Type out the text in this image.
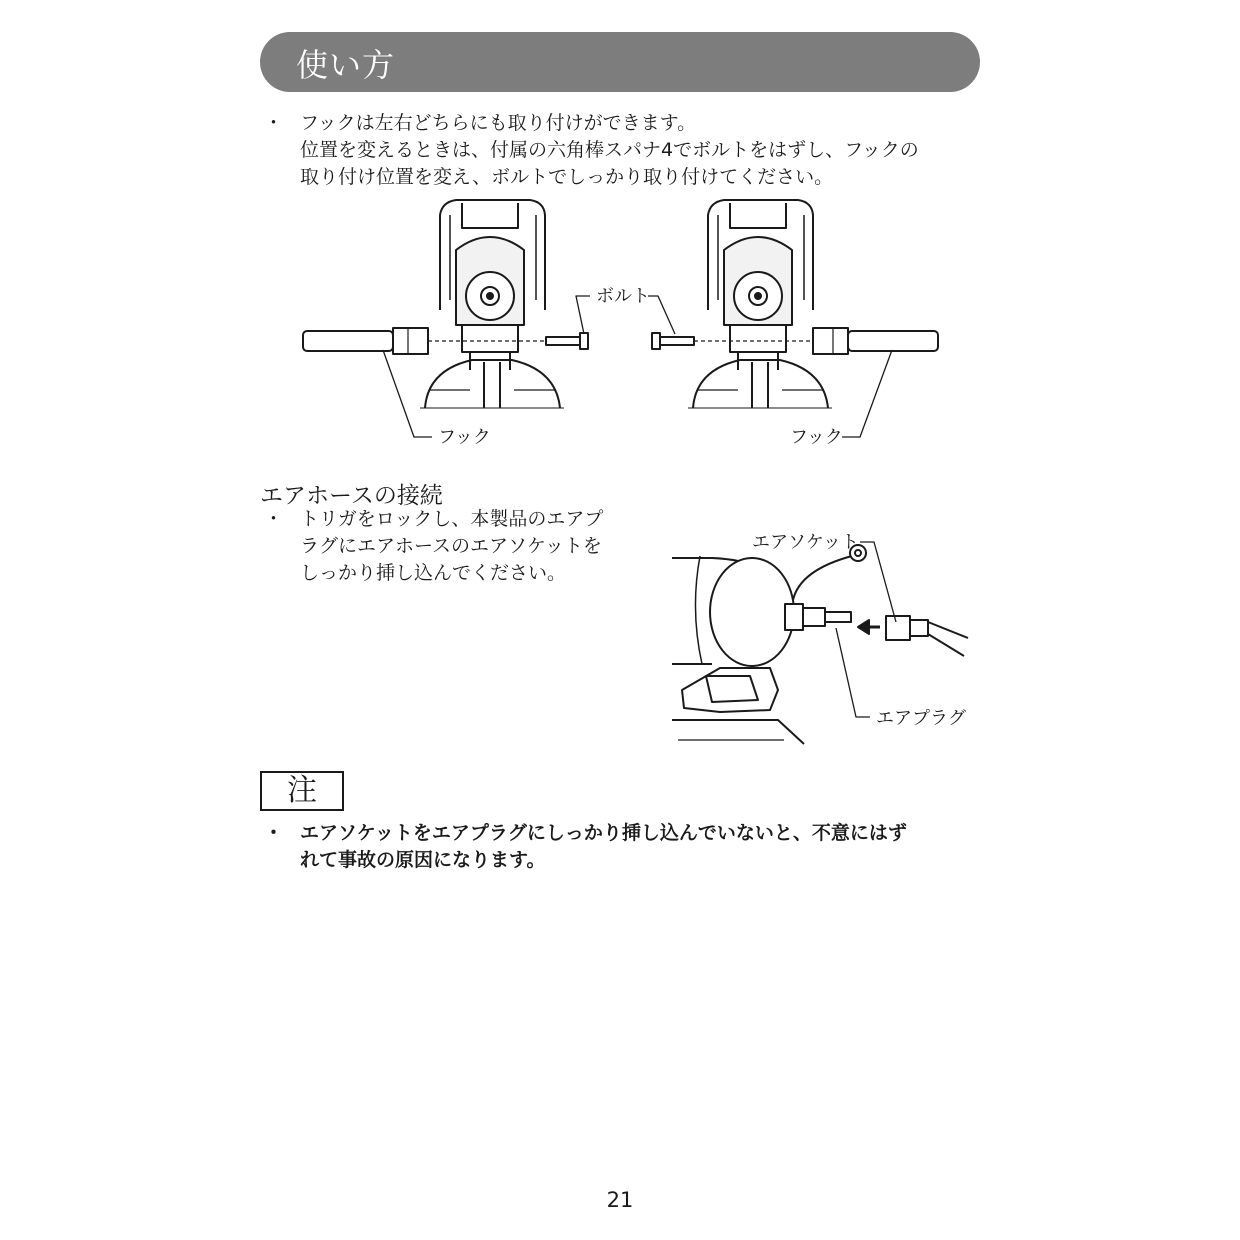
使い方
・ フックは左右どちらにも取り付けができます。
位置を変えるときは、付属の六角棒スパナ4でボルトをはずし、フックの
取り付け位置を変え、ボルトでしっかり取り付けてください。
ボルト
フック	フック
エアソケット
エアプラグ
エアホースの接続
・ トリガをロックし、本製品のエアプ
ラグにエアホースのエアソケットを
しっかり挿し込んでください。
注
・ エアソケットをエアプラグにしっかり挿し込んでいないと、不意にはず
れて事故の原因になります。
21
